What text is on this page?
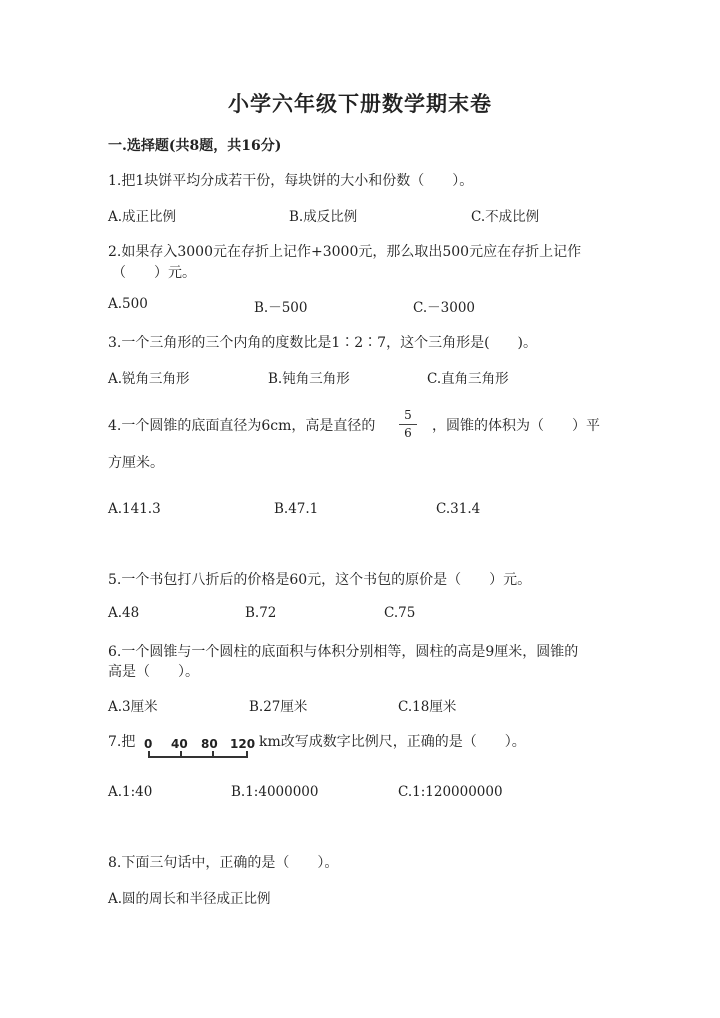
小学六年级下册数学期末卷
一.选择题(共8题，共16分)
1.把1块饼平均分成若干份，每块饼的大小和份数（　　）。
A.成正比例	B.成反比例	C.不成比例
2.如果存入3000元在存折上记作+3000元，那么取出500元应在存折上记作
（　　）元。
A.500	B.－500	C.－3000
3.一个三角形的三个内角的度数比是1∶2∶7，这个三角形是(　　)。
A.锐角三角形	B.钝角三角形	C.直角三角形
4.一个圆锥的底面直径为6cm，高是直径的
5
6	，圆锥的体积为（　　）平
方厘米。
A.141.3	B.47.1	C.31.4
5.一个书包打八折后的价格是60元，这个书包的原价是（　　）元。
A.48	B.72	C.75
6.一个圆锥与一个圆柱的底面积与体积分别相等，圆柱的高是9厘米，圆锥的
高是（　　）。
A.3厘米	B.27厘米	C.18厘米
7.把 0 40 80 120 km改写成数字比例尺，正确的是（　　）。
A.1:40	B.1:4000000	C.1:120000000
8.下面三句话中，正确的是（　　）。
A.圆的周长和半径成正比例
